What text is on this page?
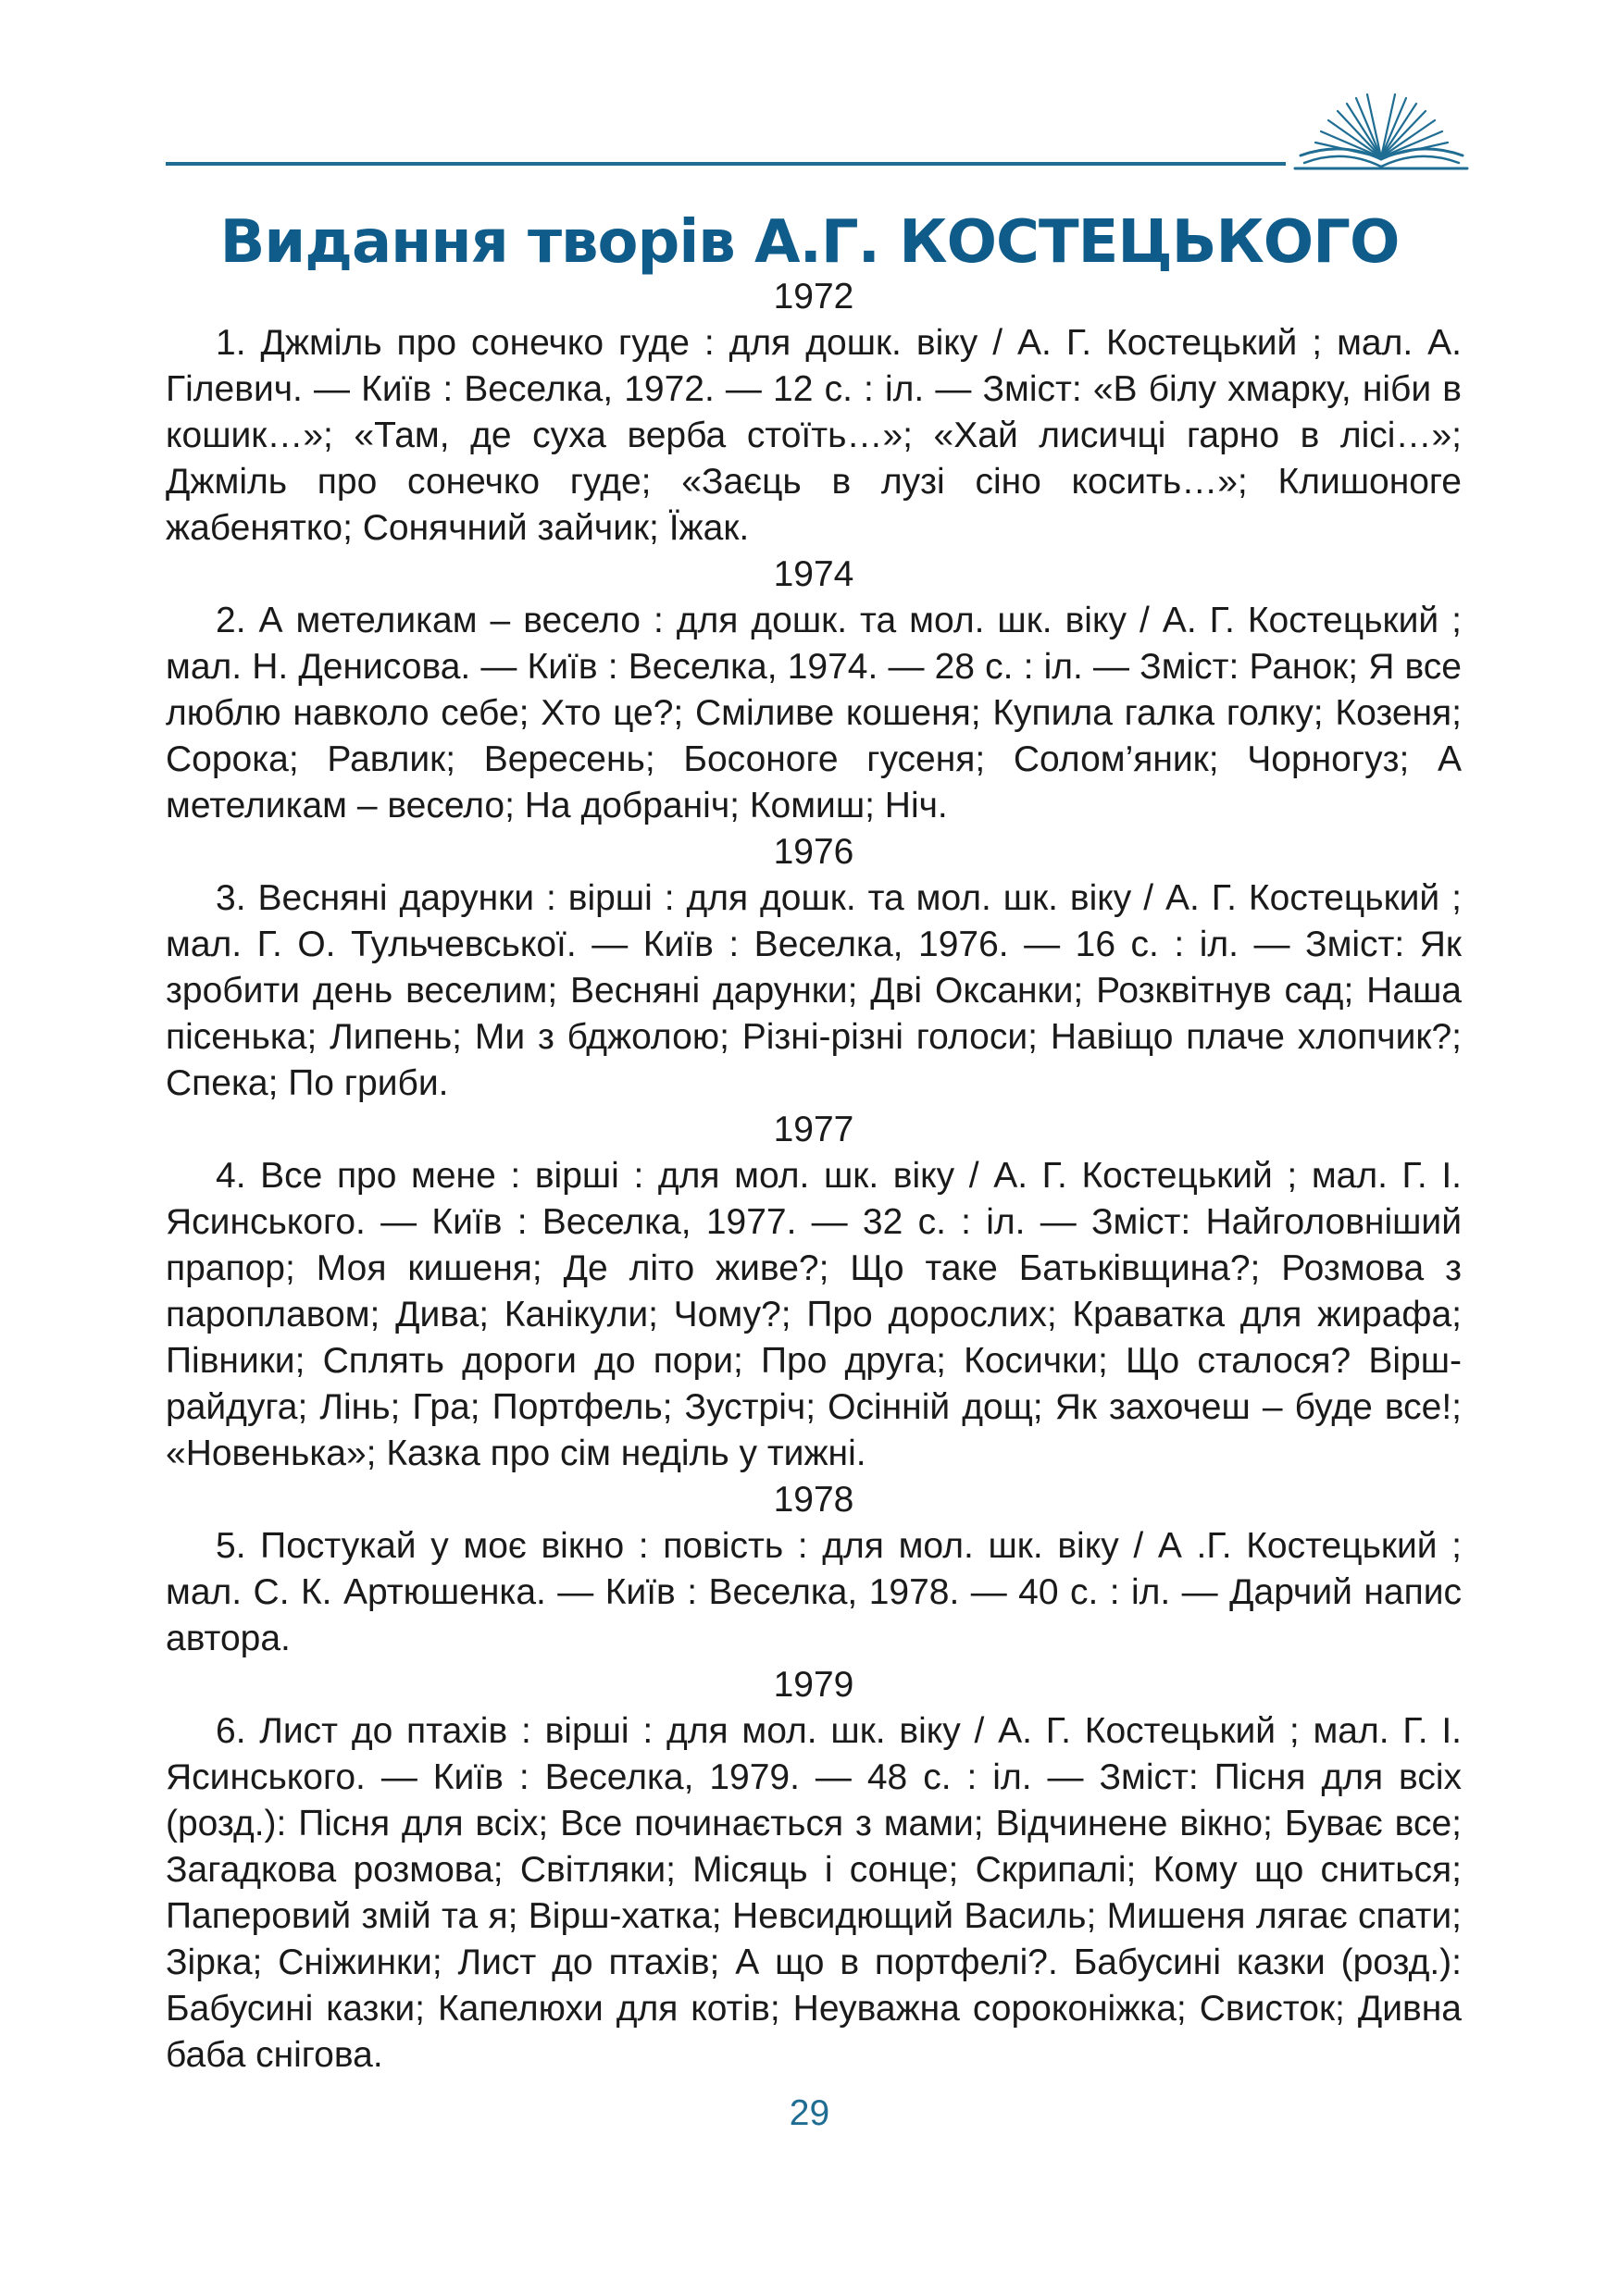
Видання творів А.Г. КОСТЕЦЬКОГО

1972

1. Джміль про сонечко гуде : для дошк. віку / А. Г. Костецький ; мал. А. Гілевич. — Київ : Веселка, 1972. — 12 с. : іл. — Зміст: «В білу хмарку, ніби в кошик…»; «Там, де суха верба стоїть…»; «Хай лисичці гарно в лісі…»; Джміль про сонечко гуде; «Заєць в лузі сіно косить…»; Клишоноге жабенятко; Сонячний зайчик; Їжак.

1974

2. А метеликам – весело : для дошк. та мол. шк. віку / А. Г. Костецький ; мал. Н. Денисова. — Київ : Веселка, 1974. — 28 с. : іл. — Зміст: Ранок; Я все люблю навколо себе; Хто це?; Сміливе кошеня; Купила галка голку; Козеня; Сорока; Равлик; Вересень; Босоноге гусеня; Солом’яник; Чорногуз; А метеликам – весело; На добраніч; Комиш; Ніч.

1976

3. Весняні дарунки : вірші : для дошк. та мол. шк. віку / А. Г. Костецький ; мал. Г. О. Тульчевської. — Київ : Веселка, 1976. — 16 с. : іл. — Зміст: Як зробити день веселим; Весняні дарунки; Дві Оксанки; Розквітнув сад; Наша пісенька; Липень; Ми з бджолою; Різні-різні голоси; Навіщо плаче хлопчик?; Спека; По гриби.

1977

4. Все про мене : вірші : для мол. шк. віку / А. Г. Костецький ; мал. Г. І. Ясинського. — Київ : Веселка, 1977. — 32 с. : іл. — Зміст: Найголовніший прапор; Моя кишеня; Де літо живе?; Що таке Батьківщина?; Розмова з пароплавом; Дива; Канікули; Чому?; Про дорослих; Краватка для жирафа; Півники; Сплять дороги до пори; Про друга; Косички; Що сталося? Вірш-райдуга; Лінь; Гра; Портфель; Зустріч; Осінній дощ; Як захочеш – буде все!; «Новенька»; Казка про сім неділь у тижні.

1978

5. Постукай у моє вікно : повість : для мол. шк. віку / А .Г. Костецький ; мал. С. К. Артюшенка. — Київ : Веселка, 1978. — 40 с. : іл. — Дарчий напис автора.

1979

6. Лист до птахів : вірші : для мол. шк. віку / А. Г. Костецький ; мал. Г. І. Ясинського. — Київ : Веселка, 1979. — 48 с. : іл. — Зміст: Пісня для всіх (розд.): Пісня для всіх; Все починається з мами; Відчинене вікно; Буває все; Загадкова розмова; Світляки; Місяць і сонце; Скрипалі; Кому що сниться; Паперовий змій та я; Вірш-хатка; Невсидющий Василь; Мишеня лягає спати; Зірка; Сніжинки; Лист до птахів; А що в портфелі?. Бабусині казки (розд.): Бабусині казки; Капелюхи для котів; Неуважна сороконіжка; Свисток; Дивна баба снігова.

29
